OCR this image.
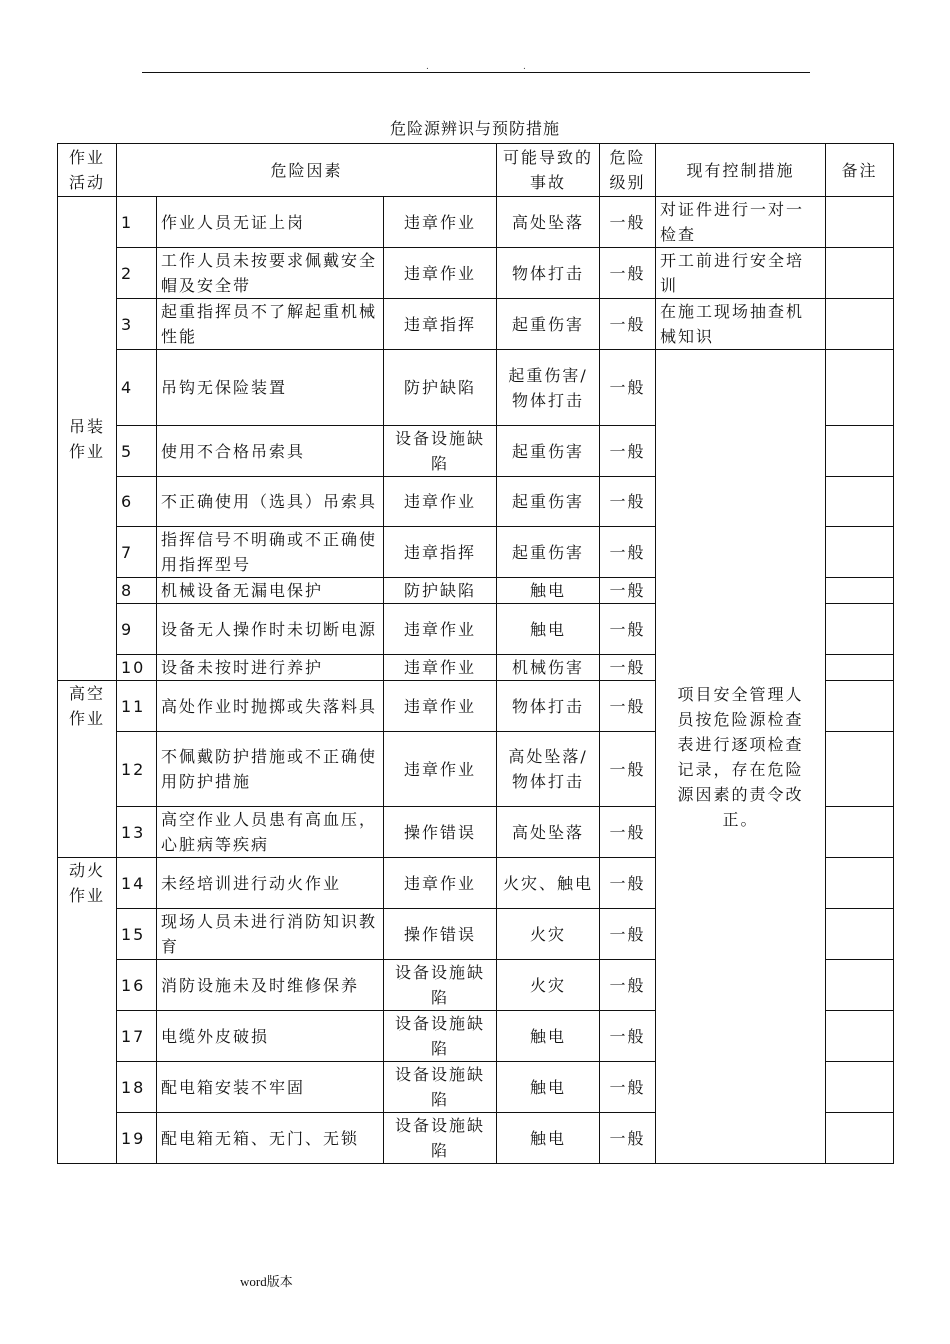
.	.
危险源辨识与预防措施
作业活动	危险因素			可能导致的事故	危险级别	现有控制措施	备注
吊装作业	1	作业人员无证上岗	违章作业	高处坠落	一般	对证件进行一对一检查	
	2	工作人员未按要求佩戴安全帽及安全带	违章作业	物体打击	一般	开工前进行安全培训	
	3	起重指挥员不了解起重机械性能	违章指挥	起重伤害	一般	在施工现场抽查机械知识	
	4	吊钩无保险装置	防护缺陷	起重伤害/物体打击	一般	项目安全管理人员按危险源检查表进行逐项检查记录，存在危险源因素的责令改正。	
	5	使用不合格吊索具	设备设施缺陷	起重伤害	一般		
	6	不正确使用（选具）吊索具	违章作业	起重伤害	一般		
	7	指挥信号不明确或不正确使用指挥型号	违章指挥	起重伤害	一般		
	8	机械设备无漏电保护	防护缺陷	触电	一般		
	9	设备无人操作时未切断电源	违章作业	触电	一般		
	10	设备未按时进行养护	违章作业	机械伤害	一般		
高空作业	11	高处作业时抛掷或失落料具	违章作业	物体打击	一般		
	12	不佩戴防护措施或不正确使用防护措施	违章作业	高处坠落/物体打击	一般		
	13	高空作业人员患有高血压，心脏病等疾病	操作错误	高处坠落	一般		
动火作业	14	未经培训进行动火作业	违章作业	火灾、触电	一般		
	15	现场人员未进行消防知识教育	操作错误	火灾	一般		
	16	消防设施未及时维修保养	设备设施缺陷	火灾	一般		
	17	电缆外皮破损	设备设施缺陷	触电	一般		
	18	配电箱安装不牢固	设备设施缺陷	触电	一般		
	19	配电箱无箱、无门、无锁	设备设施缺陷	触电	一般		
word版本
